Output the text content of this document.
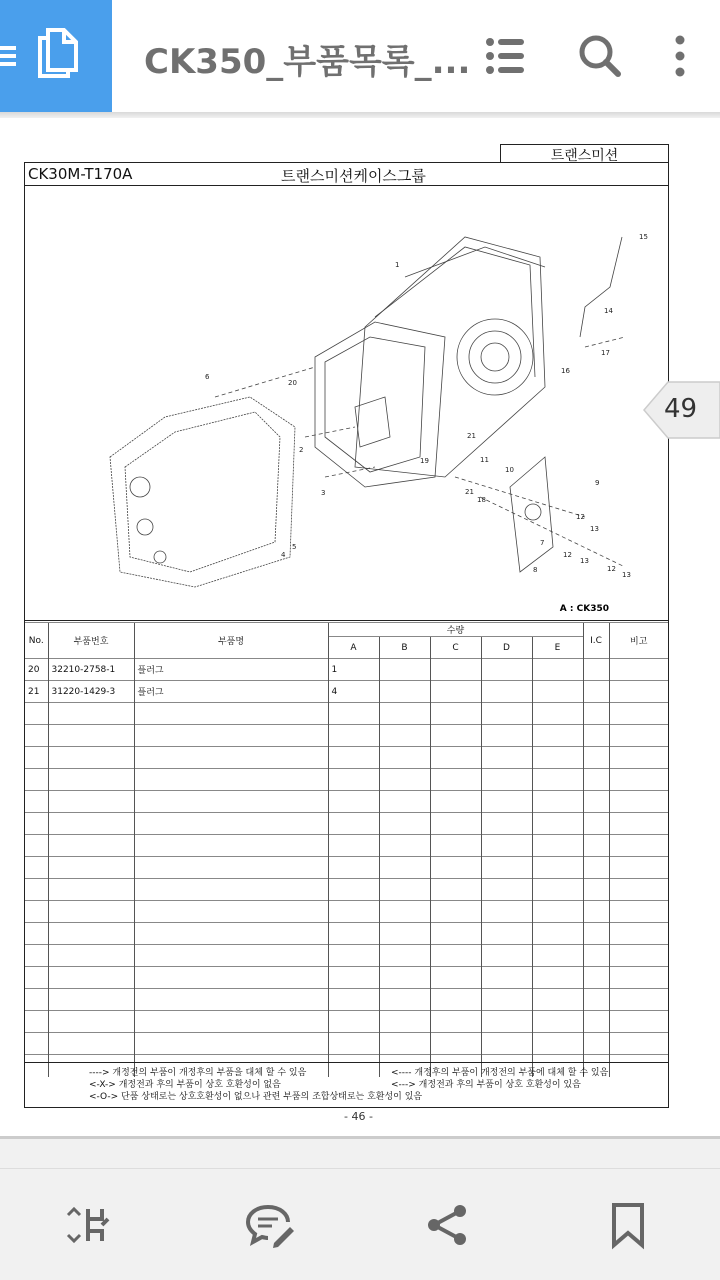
CK350_부품목록_...
트랜스미션
CK30M-T170A	트랜스미션케이스그룹
1
2
3
4
5
6
7
8
9
10
11
12
12
12
13
13
13
14
15
16
17
18
19
20
21
21
A : CK350
No.	부품번호	부품명	수량					I.C	비고
			A	B	C	D	E		
20	32210-2758-1	플러그	1						
21	31220-1429-3	플러그	4						

----> 개정전의 부품이 개정후의 부품을 대체 할 수 있음
<-X-> 개정전과 후의 부품이 상호 호환성이 없음
<-O-> 단품 상태로는 상호호환성이 없으나 관련 부품의 조합상태로는 호환성이 있음
<---- 개정후의 부품이 개정전의 부품에 대체 할 수 있음
<---> 개정전과 후의 부품이 상호 호환성이 있음
- 46 -
49
